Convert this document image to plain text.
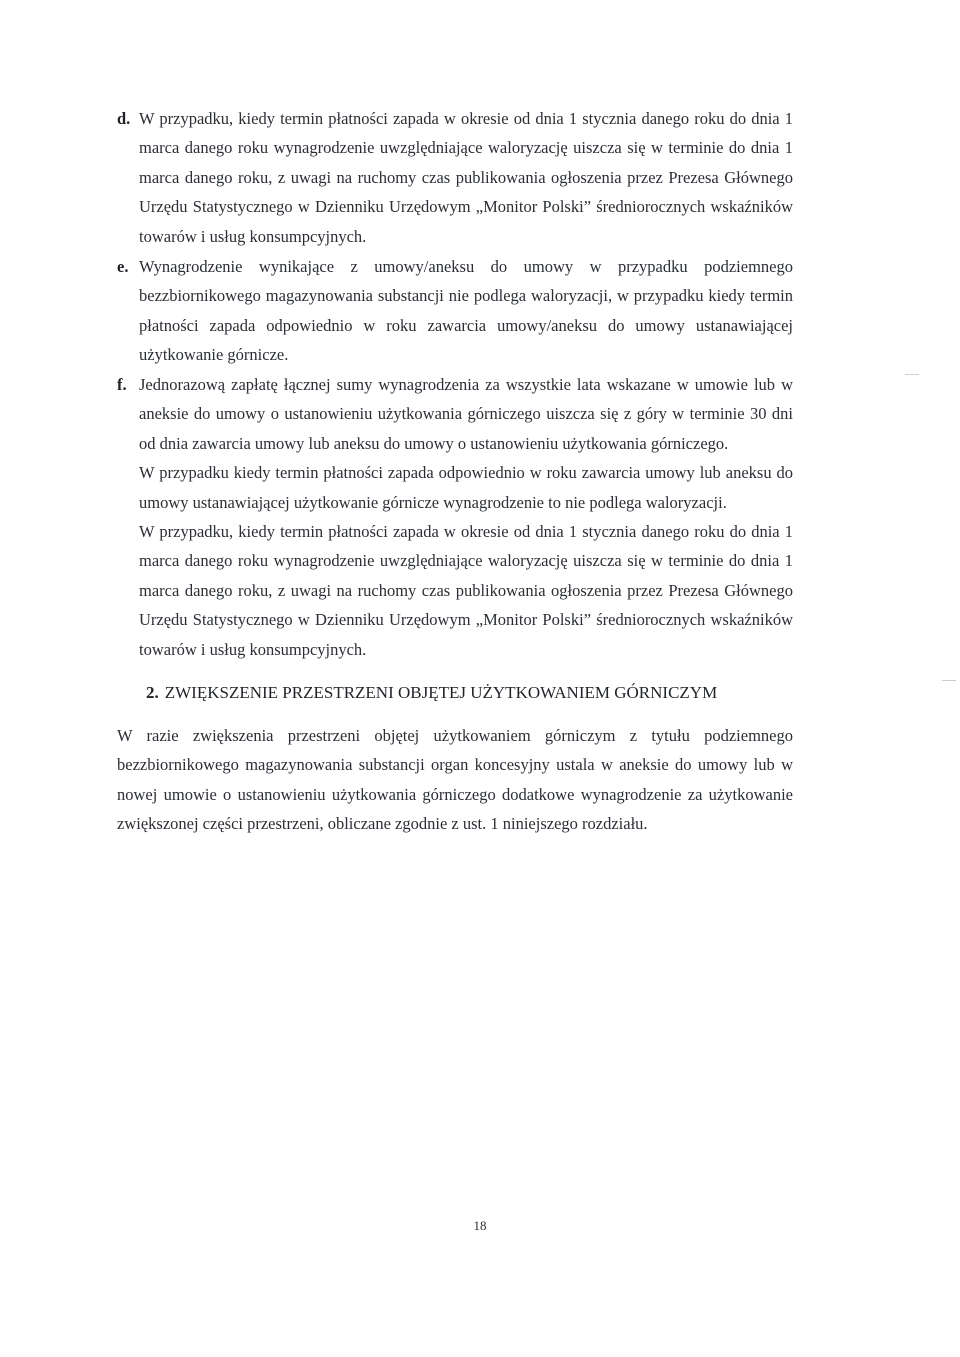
d. W przypadku, kiedy termin płatności zapada w okresie od dnia 1 stycznia danego roku do dnia 1 marca danego roku wynagrodzenie uwzględniające waloryzację uiszcza się w terminie do dnia 1 marca danego roku, z uwagi na ruchomy czas publikowania ogłoszenia przez Prezesa Głównego Urzędu Statystycznego w Dzienniku Urzędowym „Monitor Polski” średniorocznych wskaźników towarów i usług konsumpcyjnych.

e. Wynagrodzenie wynikające z umowy/aneksu do umowy w przypadku podziemnego bezzbiornikowego magazynowania substancji nie podlega waloryzacji, w przypadku kiedy termin płatności zapada odpowiednio w roku zawarcia umowy/aneksu do umowy ustanawiającej użytkowanie górnicze.

f. Jednorazową zapłatę łącznej sumy wynagrodzenia za wszystkie lata wskazane w umowie lub w aneksie do umowy o ustanowieniu użytkowania górniczego uiszcza się z góry w terminie 30 dni od dnia zawarcia umowy lub aneksu do umowy o ustanowieniu użytkowania górniczego.

W przypadku kiedy termin płatności zapada odpowiednio w roku zawarcia umowy lub aneksu do umowy ustanawiającej użytkowanie górnicze wynagrodzenie to nie podlega waloryzacji.

W przypadku, kiedy termin płatności zapada w okresie od dnia 1 stycznia danego roku do dnia 1 marca danego roku wynagrodzenie uwzględniające waloryzację uiszcza się w terminie do dnia 1 marca danego roku, z uwagi na ruchomy czas publikowania ogłoszenia przez Prezesa Głównego Urzędu Statystycznego w Dzienniku Urzędowym „Monitor Polski” średniorocznych wskaźników towarów i usług konsumpcyjnych.

2. ZWIĘKSZENIE PRZESTRZENI OBJĘTEJ UŻYTKOWANIEM GÓRNICZYM

W razie zwiększenia przestrzeni objętej użytkowaniem górniczym z tytułu podziemnego bezzbiornikowego magazynowania substancji organ koncesyjny ustala w aneksie do umowy lub w nowej umowie o ustanowieniu użytkowania górniczego dodatkowe wynagrodzenie za użytkowanie zwiększonej części przestrzeni, obliczane zgodnie z ust. 1 niniejszego rozdziału.

18
